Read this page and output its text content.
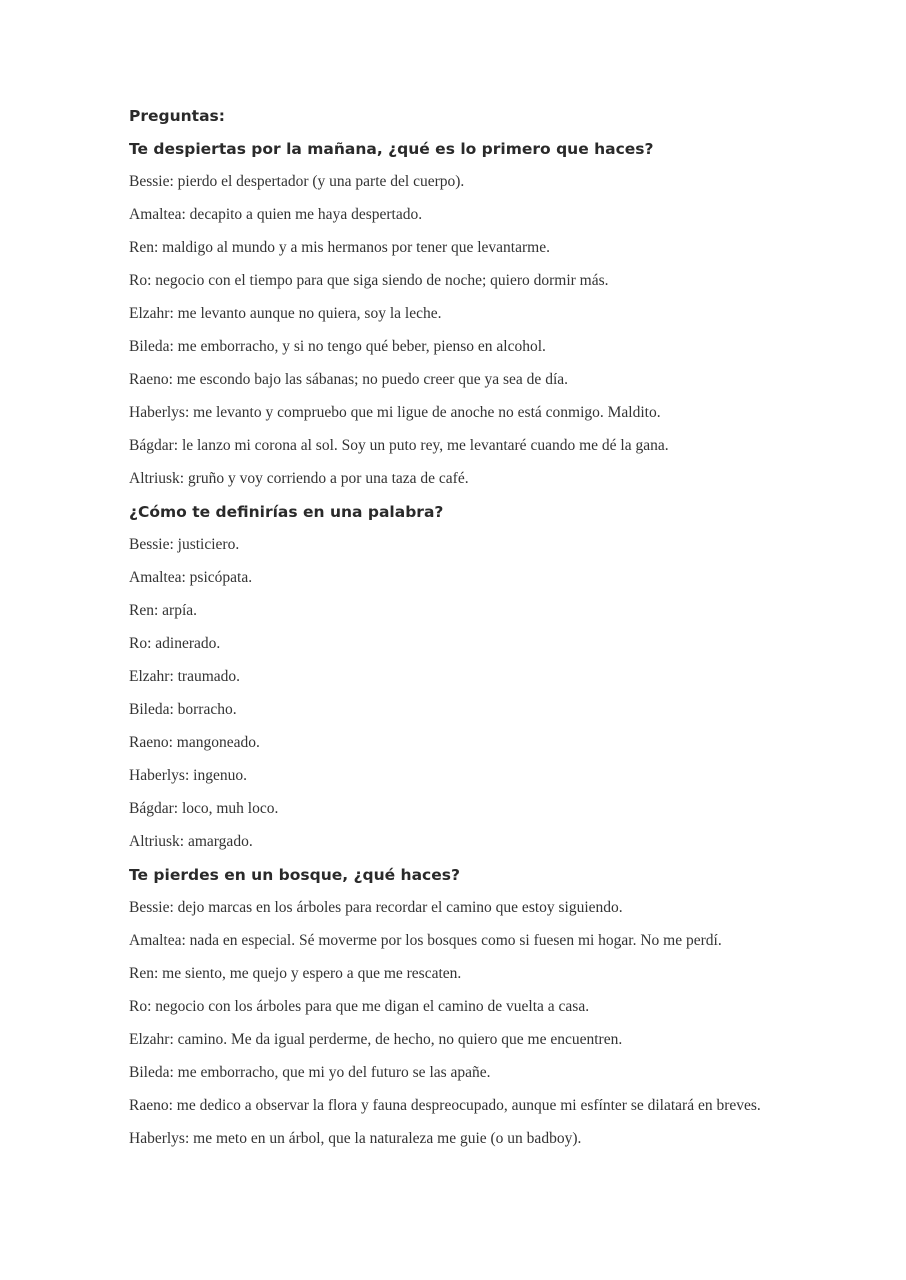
Preguntas:

Te despiertas por la mañana, ¿qué es lo primero que haces?

Bessie: pierdo el despertador (y una parte del cuerpo).

Amaltea: decapito a quien me haya despertado.

Ren: maldigo al mundo y a mis hermanos por tener que levantarme.

Ro: negocio con el tiempo para que siga siendo de noche; quiero dormir más.

Elzahr: me levanto aunque no quiera, soy la leche.

Bileda: me emborracho, y si no tengo qué beber, pienso en alcohol.

Raeno: me escondo bajo las sábanas; no puedo creer que ya sea de día.

Haberlys: me levanto y compruebo que mi ligue de anoche no está conmigo. Maldito.

Bágdar: le lanzo mi corona al sol. Soy un puto rey, me levantaré cuando me dé la gana.

Altriusk: gruño y voy corriendo a por una taza de café.

¿Cómo te definirías en una palabra?

Bessie: justiciero.

Amaltea: psicópata.

Ren: arpía.

Ro: adinerado.

Elzahr: traumado.

Bileda: borracho.

Raeno: mangoneado.

Haberlys: ingenuo.

Bágdar: loco, muh loco.

Altriusk: amargado.

Te pierdes en un bosque, ¿qué haces?

Bessie: dejo marcas en los árboles para recordar el camino que estoy siguiendo.

Amaltea: nada en especial. Sé moverme por los bosques como si fuesen mi hogar. No me perdí.

Ren: me siento, me quejo y espero a que me rescaten.

Ro: negocio con los árboles para que me digan el camino de vuelta a casa.

Elzahr: camino. Me da igual perderme, de hecho, no quiero que me encuentren.

Bileda: me emborracho, que mi yo del futuro se las apañe.

Raeno: me dedico a observar la flora y fauna despreocupado, aunque mi esfínter se dilatará en breves.

Haberlys: me meto en un árbol, que la naturaleza me guie (o un badboy).
